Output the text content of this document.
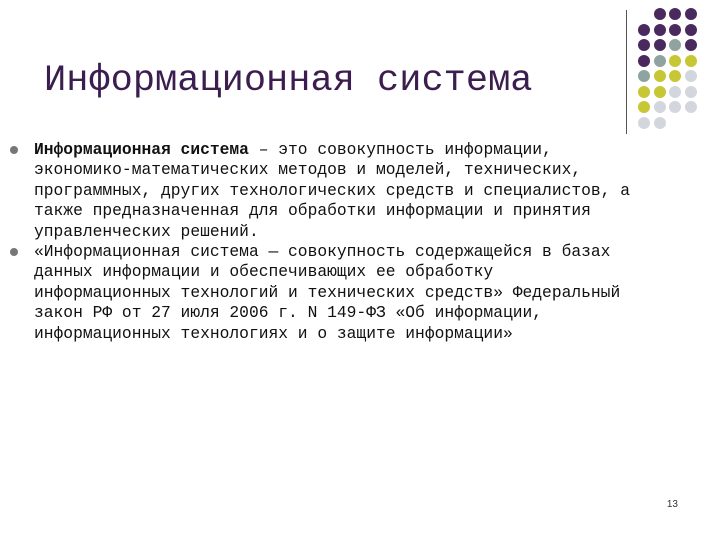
Информационная система
Информационная система – это совокупность информации, экономико-математических методов и моделей, технических, программных, других технологических средств и специалистов, а также предназначенная для обработки информации и принятия управленческих решений.
«Информационная система — совокупность содержащейся в базах данных информации и обеспечивающих ее обработку информационных технологий и технических средств» Федеральный закон РФ от 27 июля 2006 г. N 149-ФЗ «Об информации, информационных технологиях и о защите информации»
13
